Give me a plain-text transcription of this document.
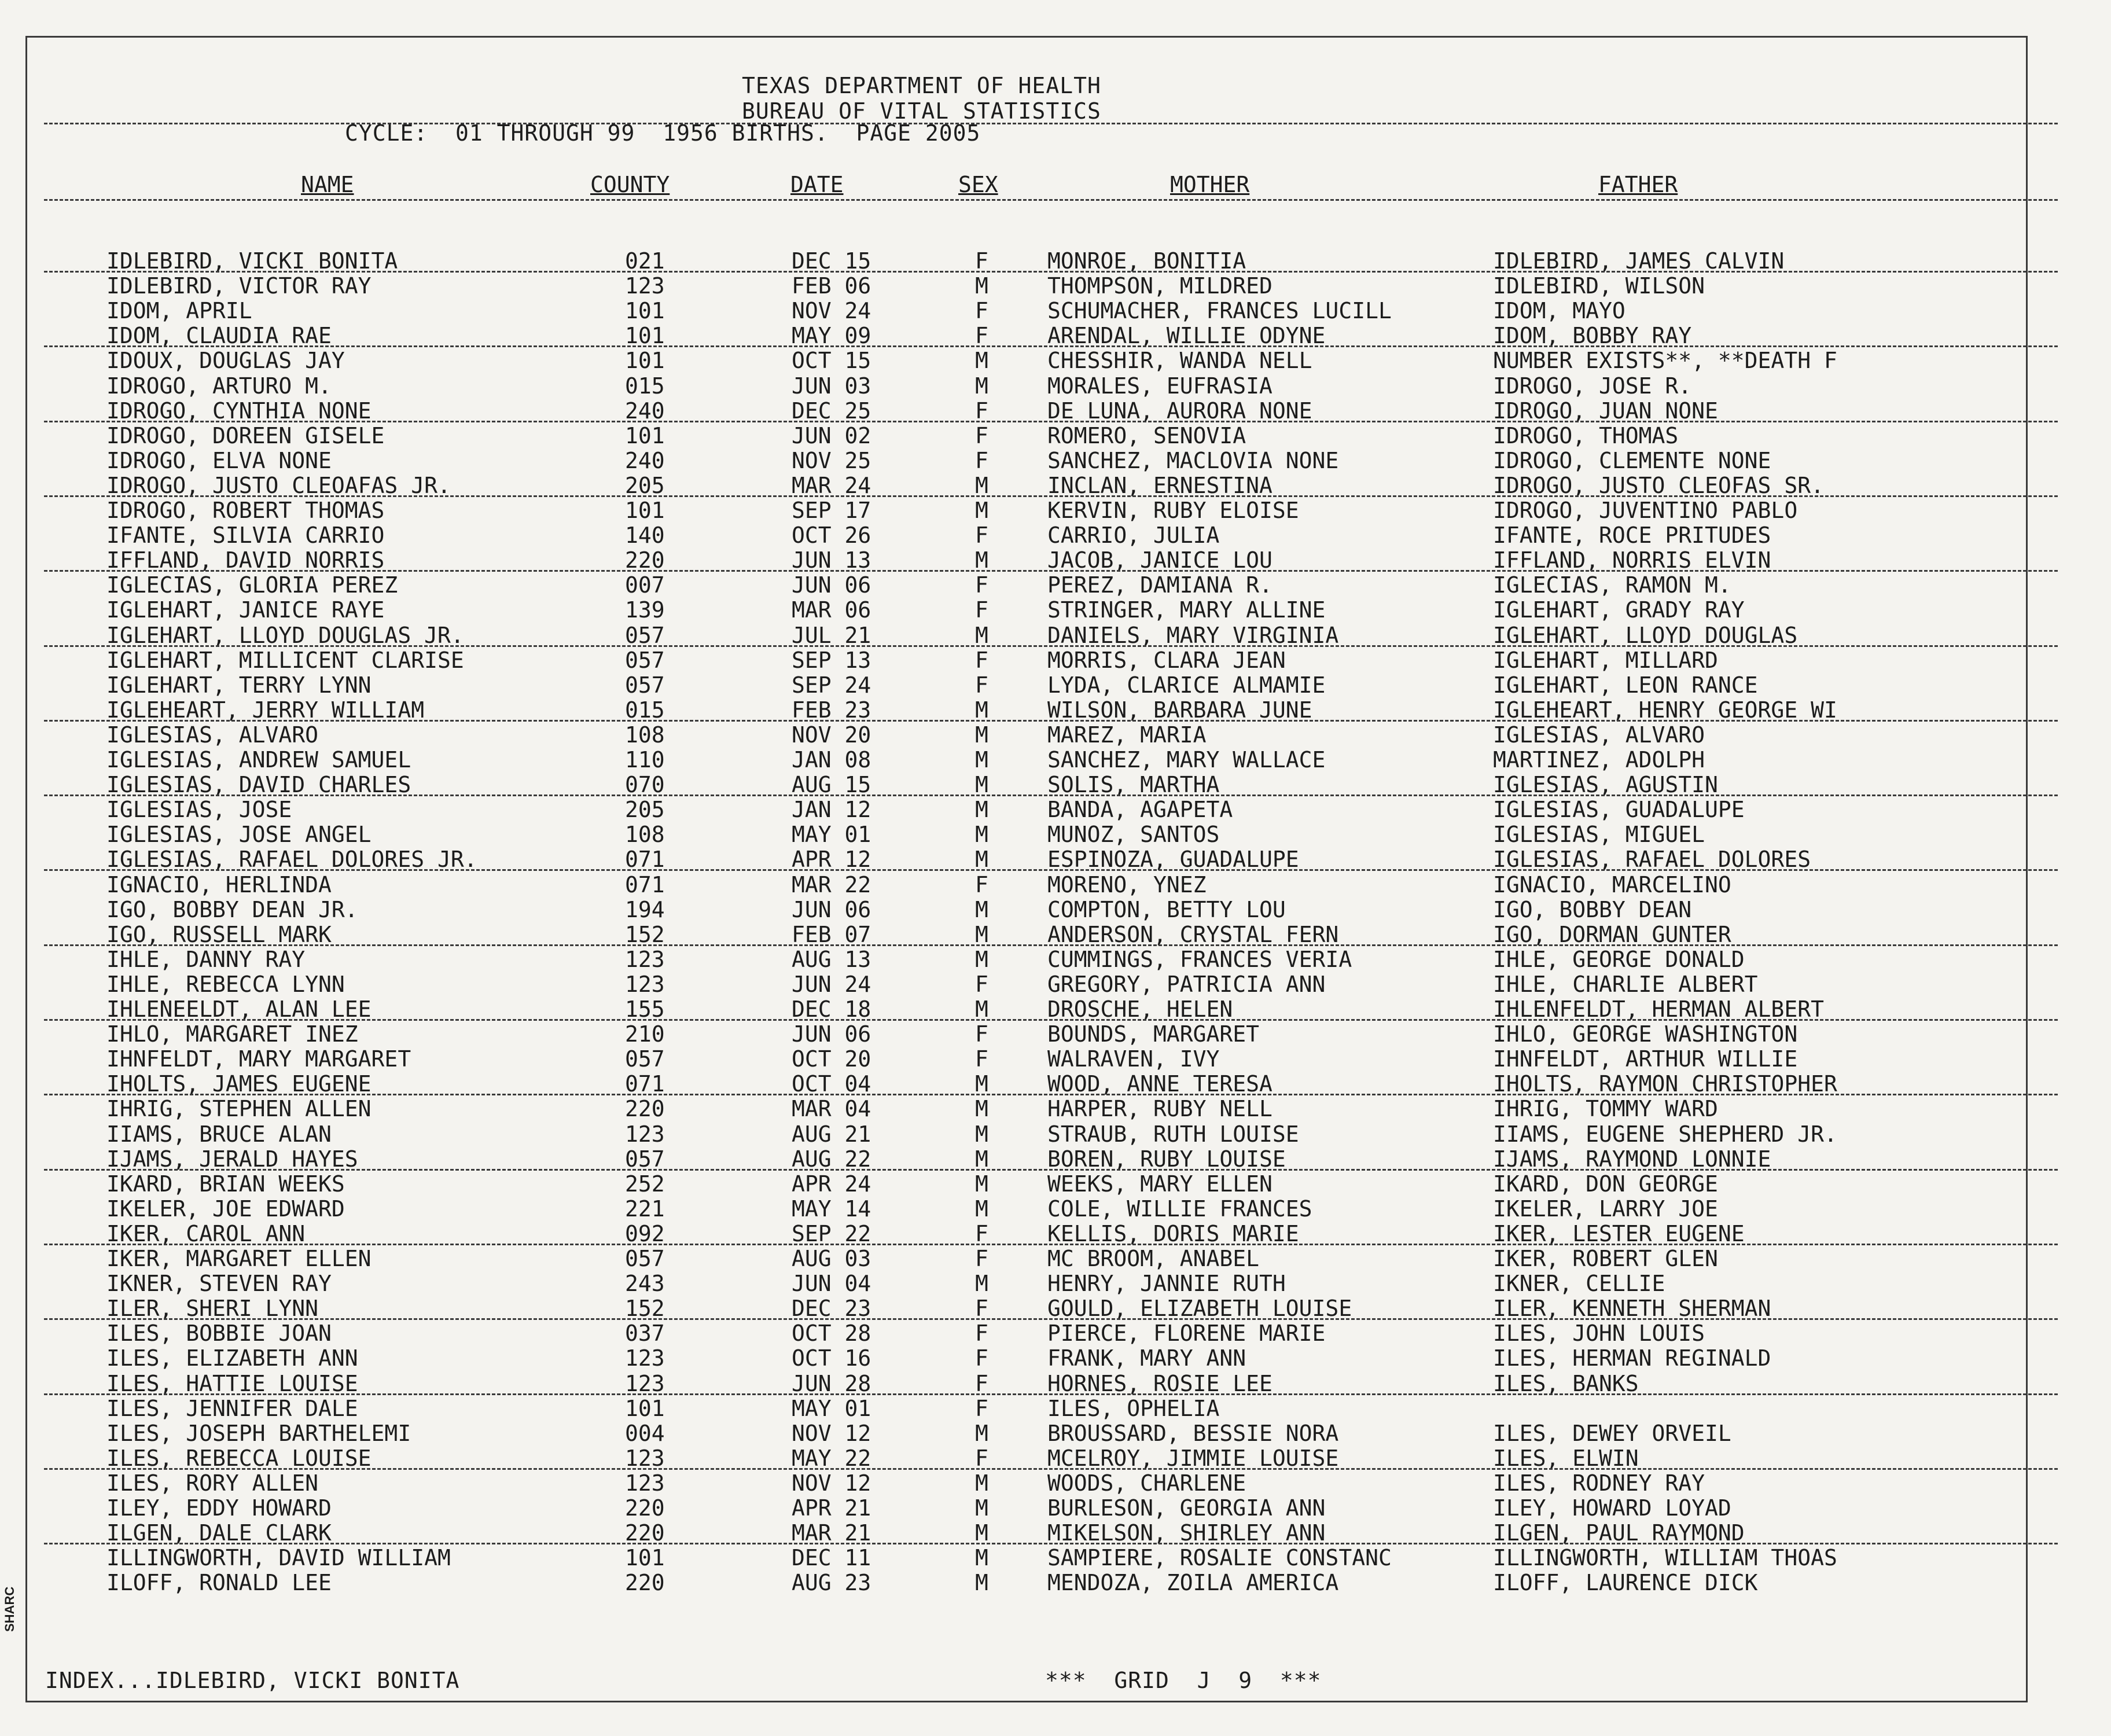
TEXAS DEPARTMENT OF HEALTH
BUREAU OF VITAL STATISTICS
CYCLE:  01 THROUGH 99  1956 BIRTHS.  PAGE 2005
NAME	COUNTY	DATE	SEX	MOTHER	FATHER
IDLEBIRD, VICKI BONITA	021	DEC 15	F	MONROE, BONITIA	IDLEBIRD, JAMES CALVIN
IDLEBIRD, VICTOR RAY	123	FEB 06	M	THOMPSON, MILDRED	IDLEBIRD, WILSON
IDOM, APRIL	101	NOV 24	F	SCHUMACHER, FRANCES LUCILL	IDOM, MAYO
IDOM, CLAUDIA RAE	101	MAY 09	F	ARENDAL, WILLIE ODYNE	IDOM, BOBBY RAY
IDOUX, DOUGLAS JAY	101	OCT 15	M	CHESSHIR, WANDA NELL	NUMBER EXISTS**, **DEATH F
IDROGO, ARTURO M.	015	JUN 03	M	MORALES, EUFRASIA	IDROGO, JOSE R.
IDROGO, CYNTHIA NONE	240	DEC 25	F	DE LUNA, AURORA NONE	IDROGO, JUAN NONE
IDROGO, DOREEN GISELE	101	JUN 02	F	ROMERO, SENOVIA	IDROGO, THOMAS
IDROGO, ELVA NONE	240	NOV 25	F	SANCHEZ, MACLOVIA NONE	IDROGO, CLEMENTE NONE
IDROGO, JUSTO CLEOAFAS JR.	205	MAR 24	M	INCLAN, ERNESTINA	IDROGO, JUSTO CLEOFAS SR.
IDROGO, ROBERT THOMAS	101	SEP 17	M	KERVIN, RUBY ELOISE	IDROGO, JUVENTINO PABLO
IFANTE, SILVIA CARRIO	140	OCT 26	F	CARRIO, JULIA	IFANTE, ROCE PRITUDES
IFFLAND, DAVID NORRIS	220	JUN 13	M	JACOB, JANICE LOU	IFFLAND, NORRIS ELVIN
IGLECIAS, GLORIA PEREZ	007	JUN 06	F	PEREZ, DAMIANA R.	IGLECIAS, RAMON M.
IGLEHART, JANICE RAYE	139	MAR 06	F	STRINGER, MARY ALLINE	IGLEHART, GRADY RAY
IGLEHART, LLOYD DOUGLAS JR.	057	JUL 21	M	DANIELS, MARY VIRGINIA	IGLEHART, LLOYD DOUGLAS
IGLEHART, MILLICENT CLARISE	057	SEP 13	F	MORRIS, CLARA JEAN	IGLEHART, MILLARD
IGLEHART, TERRY LYNN	057	SEP 24	F	LYDA, CLARICE ALMAMIE	IGLEHART, LEON RANCE
IGLEHEART, JERRY WILLIAM	015	FEB 23	M	WILSON, BARBARA JUNE	IGLEHEART, HENRY GEORGE WI
IGLESIAS, ALVARO	108	NOV 20	M	MAREZ, MARIA	IGLESIAS, ALVARO
IGLESIAS, ANDREW SAMUEL	110	JAN 08	M	SANCHEZ, MARY WALLACE	MARTINEZ, ADOLPH
IGLESIAS, DAVID CHARLES	070	AUG 15	M	SOLIS, MARTHA	IGLESIAS, AGUSTIN
IGLESIAS, JOSE	205	JAN 12	M	BANDA, AGAPETA	IGLESIAS, GUADALUPE
IGLESIAS, JOSE ANGEL	108	MAY 01	M	MUNOZ, SANTOS	IGLESIAS, MIGUEL
IGLESIAS, RAFAEL DOLORES JR.	071	APR 12	M	ESPINOZA, GUADALUPE	IGLESIAS, RAFAEL DOLORES
IGNACIO, HERLINDA	071	MAR 22	F	MORENO, YNEZ	IGNACIO, MARCELINO
IGO, BOBBY DEAN JR.	194	JUN 06	M	COMPTON, BETTY LOU	IGO, BOBBY DEAN
IGO, RUSSELL MARK	152	FEB 07	M	ANDERSON, CRYSTAL FERN	IGO, DORMAN GUNTER
IHLE, DANNY RAY	123	AUG 13	M	CUMMINGS, FRANCES VERIA	IHLE, GEORGE DONALD
IHLE, REBECCA LYNN	123	JUN 24	F	GREGORY, PATRICIA ANN	IHLE, CHARLIE ALBERT
IHLENEELDT, ALAN LEE	155	DEC 18	M	DROSCHE, HELEN	IHLENFELDT, HERMAN ALBERT
IHLO, MARGARET INEZ	210	JUN 06	F	BOUNDS, MARGARET	IHLO, GEORGE WASHINGTON
IHNFELDT, MARY MARGARET	057	OCT 20	F	WALRAVEN, IVY	IHNFELDT, ARTHUR WILLIE
IHOLTS, JAMES EUGENE	071	OCT 04	M	WOOD, ANNE TERESA	IHOLTS, RAYMON CHRISTOPHER
IHRIG, STEPHEN ALLEN	220	MAR 04	M	HARPER, RUBY NELL	IHRIG, TOMMY WARD
IIAMS, BRUCE ALAN	123	AUG 21	M	STRAUB, RUTH LOUISE	IIAMS, EUGENE SHEPHERD JR.
IJAMS, JERALD HAYES	057	AUG 22	M	BOREN, RUBY LOUISE	IJAMS, RAYMOND LONNIE
IKARD, BRIAN WEEKS	252	APR 24	M	WEEKS, MARY ELLEN	IKARD, DON GEORGE
IKELER, JOE EDWARD	221	MAY 14	M	COLE, WILLIE FRANCES	IKELER, LARRY JOE
IKER, CAROL ANN	092	SEP 22	F	KELLIS, DORIS MARIE	IKER, LESTER EUGENE
IKER, MARGARET ELLEN	057	AUG 03	F	MC BROOM, ANABEL	IKER, ROBERT GLEN
IKNER, STEVEN RAY	243	JUN 04	M	HENRY, JANNIE RUTH	IKNER, CELLIE
ILER, SHERI LYNN	152	DEC 23	F	GOULD, ELIZABETH LOUISE	ILER, KENNETH SHERMAN
ILES, BOBBIE JOAN	037	OCT 28	F	PIERCE, FLORENE MARIE	ILES, JOHN LOUIS
ILES, ELIZABETH ANN	123	OCT 16	F	FRANK, MARY ANN	ILES, HERMAN REGINALD
ILES, HATTIE LOUISE	123	JUN 28	F	HORNES, ROSIE LEE	ILES, BANKS
ILES, JENNIFER DALE	101	MAY 01	F	ILES, OPHELIA
ILES, JOSEPH BARTHELEMI	004	NOV 12	M	BROUSSARD, BESSIE NORA	ILES, DEWEY ORVEIL
ILES, REBECCA LOUISE	123	MAY 22	F	MCELROY, JIMMIE LOUISE	ILES, ELWIN
ILES, RORY ALLEN	123	NOV 12	M	WOODS, CHARLENE	ILES, RODNEY RAY
ILEY, EDDY HOWARD	220	APR 21	M	BURLESON, GEORGIA ANN	ILEY, HOWARD LOYAD
ILGEN, DALE CLARK	220	MAR 21	M	MIKELSON, SHIRLEY ANN	ILGEN, PAUL RAYMOND
ILLINGWORTH, DAVID WILLIAM	101	DEC 11	M	SAMPIERE, ROSALIE CONSTANC	ILLINGWORTH, WILLIAM THOAS
ILOFF, RONALD LEE	220	AUG 23	M	MENDOZA, ZOILA AMERICA	ILOFF, LAURENCE DICK
INDEX...IDLEBIRD, VICKI BONITA	***  GRID  J  9  ***
SHARC
